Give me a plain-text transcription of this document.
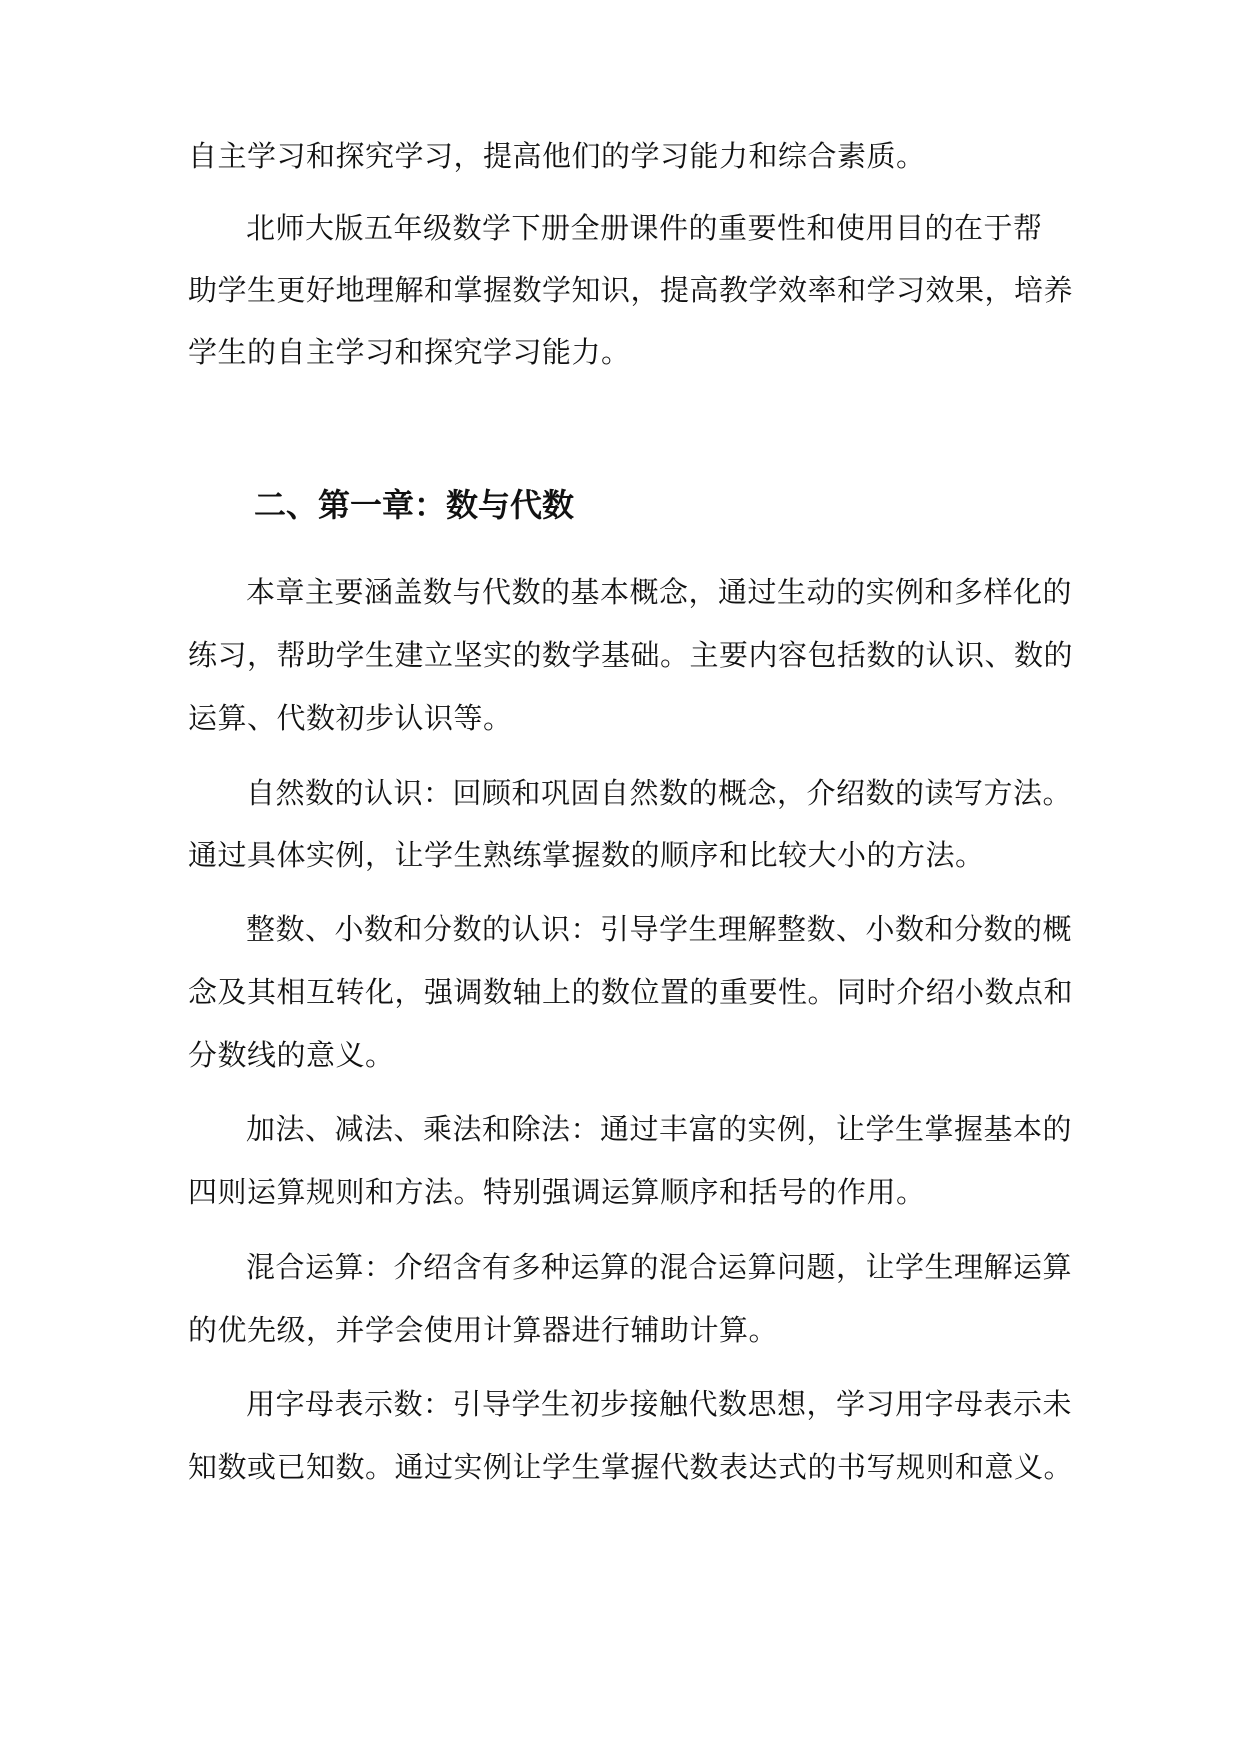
自主学习和探究学习，提高他们的学习能力和综合素质。
北师大版五年级数学下册全册课件的重要性和使用目的在于帮
助学生更好地理解和掌握数学知识，提高教学效率和学习效果，培养
学生的自主学习和探究学习能力。
二、第一章：数与代数
本章主要涵盖数与代数的基本概念，通过生动的实例和多样化的
练习，帮助学生建立坚实的数学基础。主要内容包括数的认识、数的
运算、代数初步认识等。
自然数的认识：回顾和巩固自然数的概念，介绍数的读写方法。
通过具体实例，让学生熟练掌握数的顺序和比较大小的方法。
整数、小数和分数的认识：引导学生理解整数、小数和分数的概
念及其相互转化，强调数轴上的数位置的重要性。同时介绍小数点和
分数线的意义。
加法、减法、乘法和除法：通过丰富的实例，让学生掌握基本的
四则运算规则和方法。特别强调运算顺序和括号的作用。
混合运算：介绍含有多种运算的混合运算问题，让学生理解运算
的优先级，并学会使用计算器进行辅助计算。
用字母表示数：引导学生初步接触代数思想，学习用字母表示未
知数或已知数。通过实例让学生掌握代数表达式的书写规则和意义。
